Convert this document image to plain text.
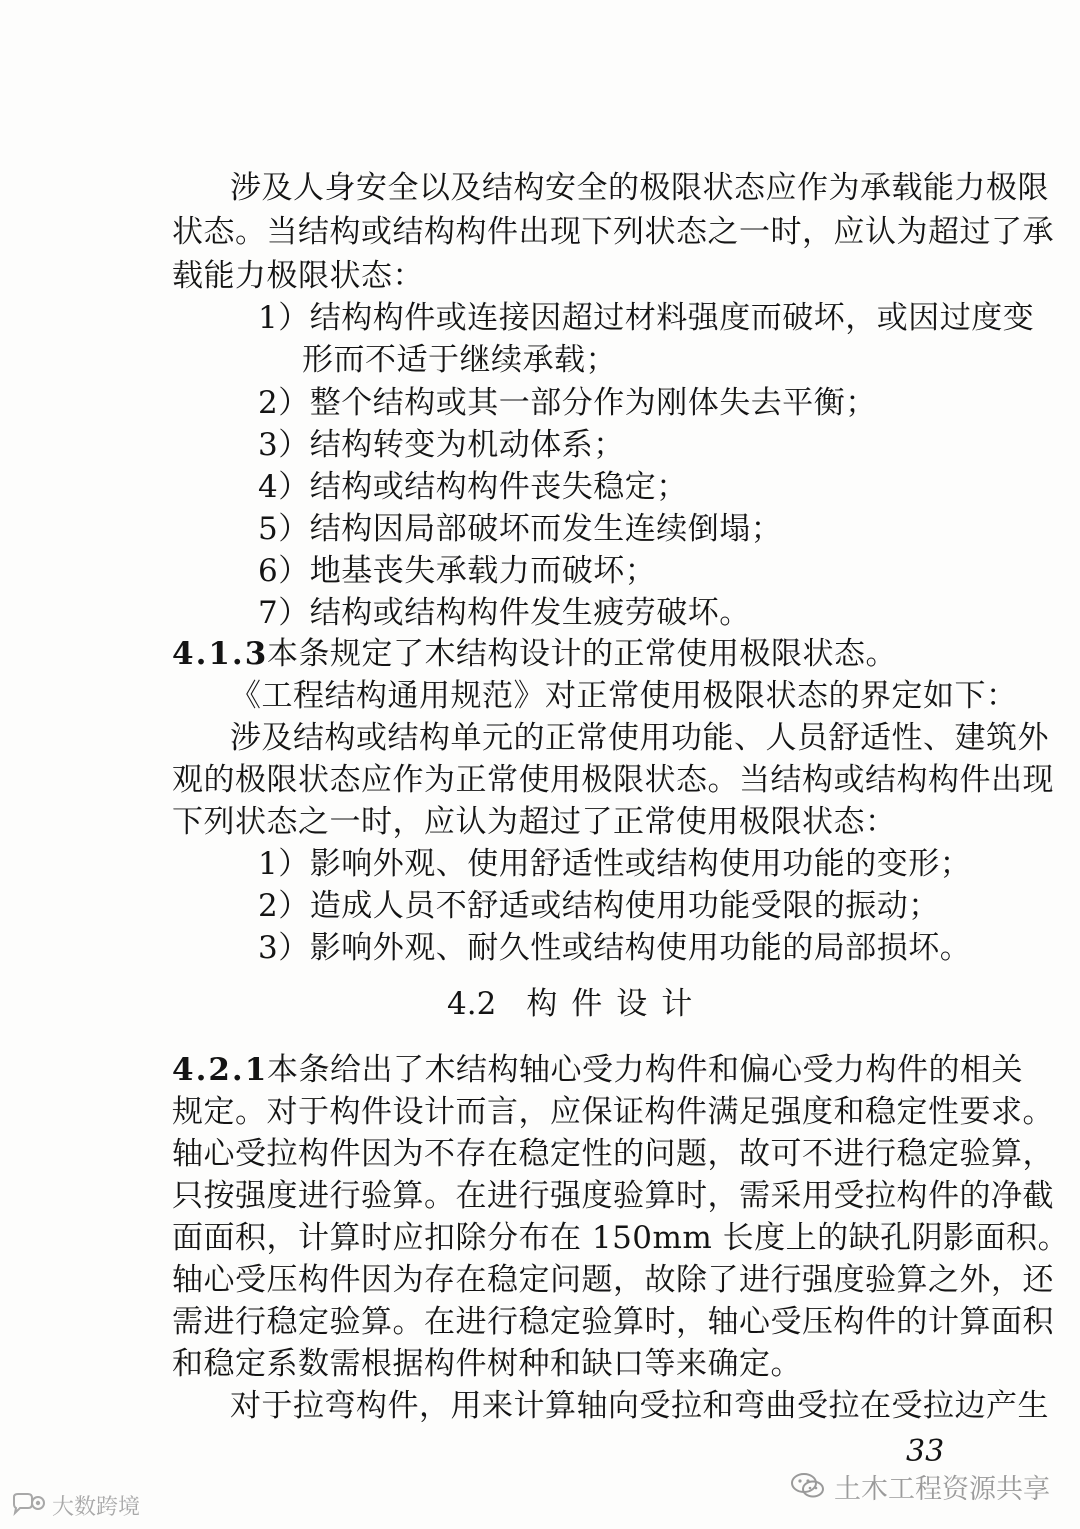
涉及人身安全以及结构安全的极限状态应作为承载能力极限
状态。当结构或结构构件出现下列状态之一时，应认为超过了承
载能力极限状态：
1）结构构件或连接因超过材料强度而破坏，或因过度变
形而不适于继续承载；
2）整个结构或其一部分作为刚体失去平衡；
3）结构转变为机动体系；
4）结构或结构构件丧失稳定；
5）结构因局部破坏而发生连续倒塌；
6）地基丧失承载力而破坏；
7）结构或结构构件发生疲劳破坏。
4.1.3本条规定了木结构设计的正常使用极限状态。
《工程结构通用规范》对正常使用极限状态的界定如下：
涉及结构或结构单元的正常使用功能、人员舒适性、建筑外
观的极限状态应作为正常使用极限状态。当结构或结构构件出现
下列状态之一时，应认为超过了正常使用极限状态：
1）影响外观、使用舒适性或结构使用功能的变形；
2）造成人员不舒适或结构使用功能受限的振动；
3）影响外观、耐久性或结构使用功能的局部损坏。
4.2 构件设计
4.2.1本条给出了木结构轴心受力构件和偏心受力构件的相关
规定。对于构件设计而言，应保证构件满足强度和稳定性要求。
轴心受拉构件因为不存在稳定性的问题，故可不进行稳定验算，
只按强度进行验算。在进行强度验算时，需采用受拉构件的净截
面面积，计算时应扣除分布在 150mm 长度上的缺孔阴影面积。
轴心受压构件因为存在稳定问题，故除了进行强度验算之外，还
需进行稳定验算。在进行稳定验算时，轴心受压构件的计算面积
和稳定系数需根据构件树种和缺口等来确定。
对于拉弯构件，用来计算轴向受拉和弯曲受拉在受拉边产生
33
土木工程资源共享
大数跨境
